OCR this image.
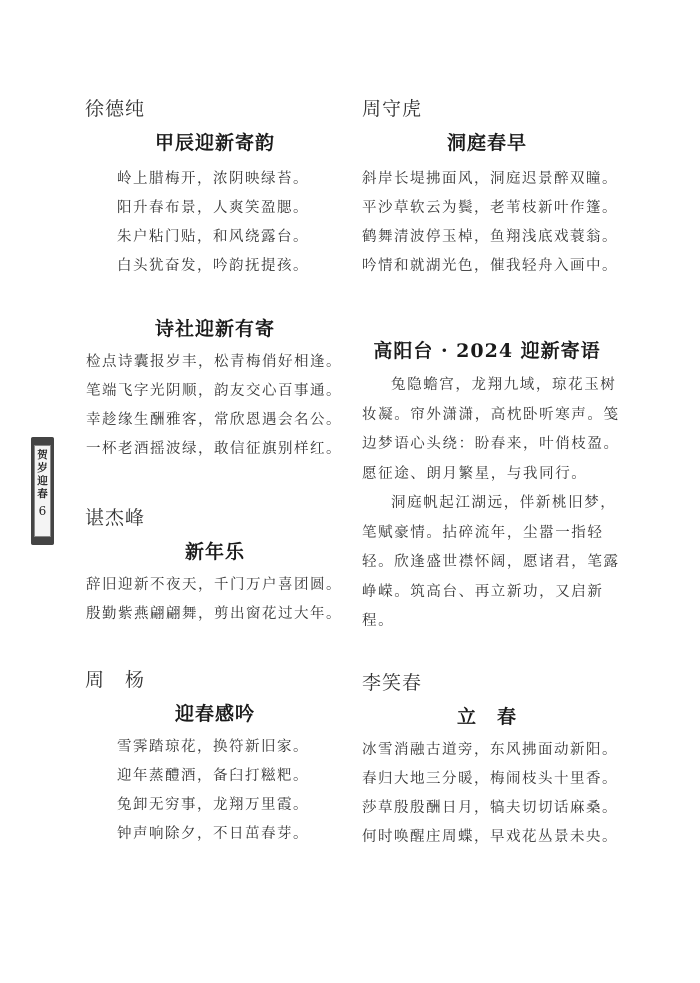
徐德纯
甲辰迎新寄韵
岭上腊梅开，浓阴映绿苔。
阳升春布景，人爽笑盈腮。
朱户粘门贴，和风绕露台。
白头犹奋发，吟韵抚提孩。
诗社迎新有寄
检点诗囊报岁丰，松青梅俏好相逢。
笔端飞字光阴顺，韵友交心百事通。
幸趁缘生酬雅客，常欣恩遇会名公。
一杯老酒摇波绿，敢信征旗别样红。
谌杰峰
新年乐
辞旧迎新不夜天，千门万户喜团圆。
殷勤紫燕翩翩舞，剪出窗花过大年。
周　杨
迎春感吟
雪霁踏琼花，换符新旧家。
迎年蒸醴酒，备臼打糍粑。
兔卸无穷事，龙翔万里霞。
钟声响除夕，不日茁春芽。
贺
岁
迎
春
6
周守虎
洞庭春早
斜岸长堤拂面风，洞庭迟景醉双瞳。
平沙草软云为鬓，老苇枝新叶作篷。
鹤舞清波停玉棹，鱼翔浅底戏蓑翁。
吟情和就湖光色，催我轻舟入画中。
高阳台 · 2024 迎新寄语

兔隐蟾宫，龙翔九域，琼花玉树妆凝。帘外潇潇，高枕卧听寒声。笺边梦语心头绕：盼春来，叶俏枝盈。愿征途、朗月繁星，与我同行。

洞庭帆起江湖远，伴新桃旧梦，笔赋豪情。拈碎流年，尘嚣一指轻轻。欣逢盛世襟怀阔，愿诸君，笔露峥嵘。筑高台、再立新功，又启新程。

李笑春
立　春
冰雪消融古道旁，东风拂面动新阳。
春归大地三分暖，梅闹枝头十里香。
莎草殷殷酬日月，犒夫切切话麻桑。
何时唤醒庄周蝶，早戏花丛景未央。
